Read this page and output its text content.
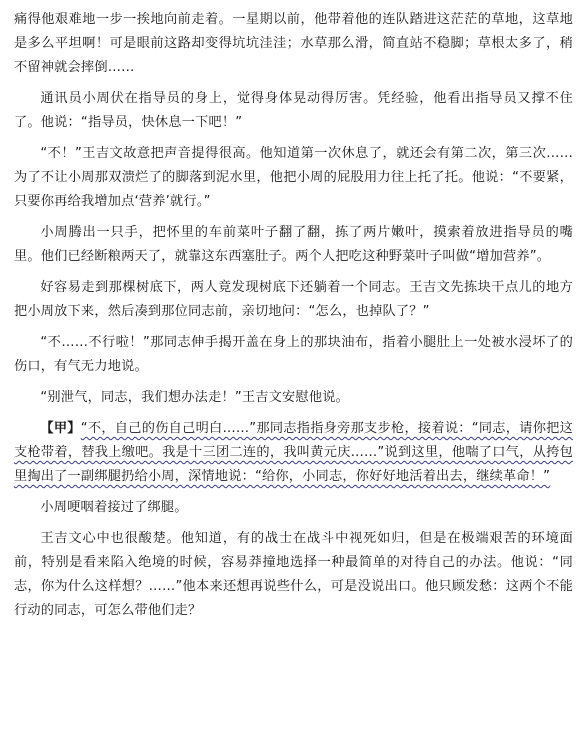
痛得他艰难地一步一挨地向前走着。一星期以前，他带着他的连队踏进这茫茫的草地，这草地是多么平坦啊！可是眼前这路却变得坑坑洼洼；水草那么滑，简直站不稳脚；草根太多了，稍不留神就会摔倒……

通讯员小周伏在指导员的身上，觉得身体晃动得厉害。凭经验，他看出指导员又撑不住了。他说：“指导员，快休息一下吧！”

“不！”王吉文故意把声音提得很高。他知道第一次休息了，就还会有第二次，第三次……为了不让小周那双溃烂了的脚落到泥水里，他把小周的屁股用力往上托了托。他说：“不要紧，只要你再给我增加点‘营养’就行。”

小周腾出一只手，把怀里的车前菜叶子翻了翻，拣了两片嫩叶，摸索着放进指导员的嘴里。他们已经断粮两天了，就靠这东西塞肚子。两个人把吃这种野菜叶子叫做“增加营养”。

好容易走到那棵树底下，两人竟发现树底下还躺着一个同志。王吉文先拣块干点儿的地方把小周放下来，然后凑到那位同志前，亲切地问：“怎么，也掉队了？”

“不……不行啦！”那同志伸手揭开盖在身上的那块油布，指着小腿肚上一处被水浸坏了的伤口，有气无力地说。

“别泄气，同志，我们想办法走！”王吉文安慰他说。

【甲】“不，自己的伤自己明白……”那同志指指身旁那支步枪，接着说：“同志，请你把这支枪带着，替我上缴吧。我是十三团二连的，我叫黄元庆……”说到这里，他喘了口气，从挎包里掏出了一副绑腿扔给小周，深情地说：“给你，小同志，你好好地活着出去，继续革命！”

小周哽咽着接过了绑腿。

王吉文心中也很酸楚。他知道，有的战士在战斗中视死如归，但是在极端艰苦的环境面前，特别是看来陷入绝境的时候，容易莽撞地选择一种最简单的对待自己的办法。他说：“同志，你为什么这样想？……”他本来还想再说些什么，可是没说出口。他只顾发愁：这两个不能行动的同志，可怎么带他们走？
